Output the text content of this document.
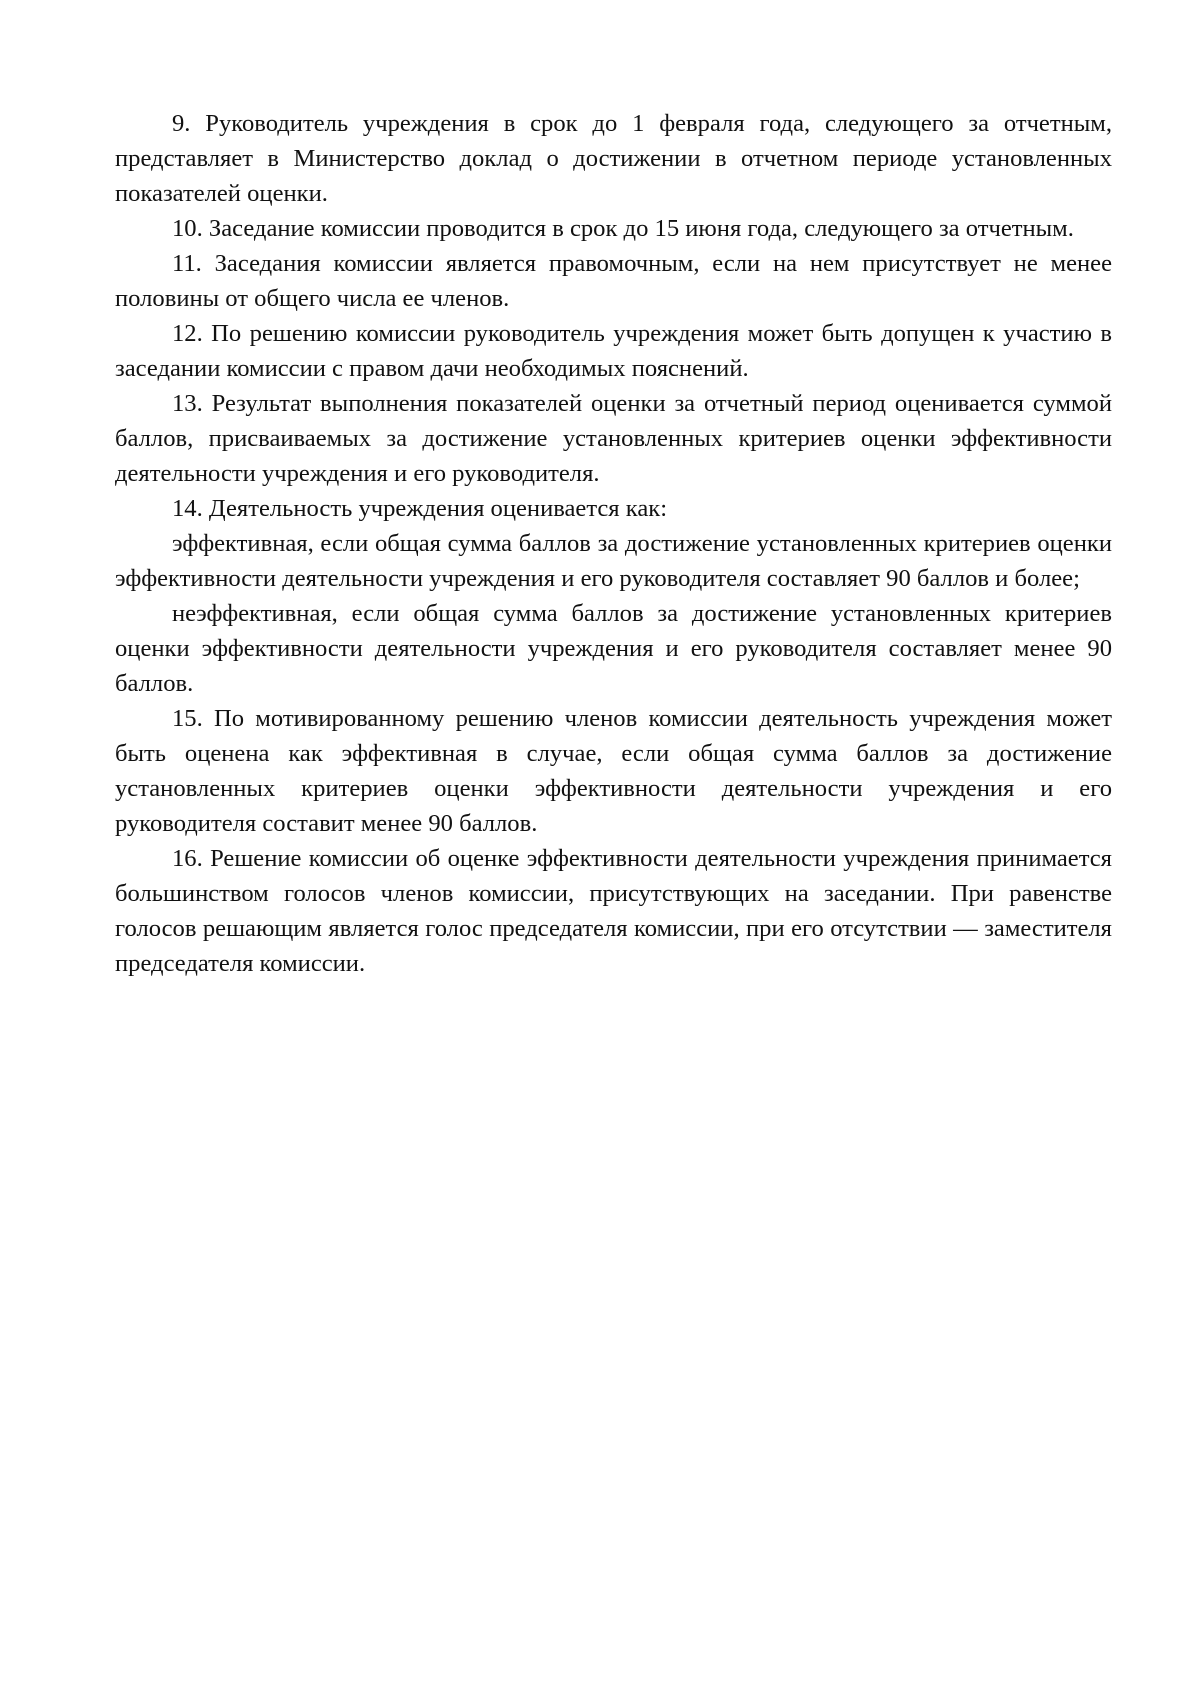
9. Руководитель учреждения в срок до 1 февраля года, следующего за отчетным, представляет в Министерство доклад о достижении в отчетном периоде установленных показателей оценки.

10. Заседание комиссии проводится в срок до 15 июня года, следующего за отчетным.

11. Заседания комиссии является правомочным, если на нем присутствует не менее половины от общего числа ее членов.

12. По решению комиссии руководитель учреждения может быть допущен к участию в заседании комиссии с правом дачи необходимых пояснений.

13. Результат выполнения показателей оценки за отчетный период оценивается суммой баллов, присваиваемых за достижение установленных критериев оценки эффективности деятельности учреждения и его руководителя.

14. Деятельность учреждения оценивается как:

эффективная, если общая сумма баллов за достижение установленных критериев оценки эффективности деятельности учреждения и его руководителя составляет 90 баллов и более;

неэффективная, если общая сумма баллов за достижение установленных критериев оценки эффективности деятельности учреждения и его руководителя составляет менее 90 баллов.

15. По мотивированному решению членов комиссии деятельность учреждения может быть оценена как эффективная в случае, если общая сумма баллов за достижение установленных критериев оценки эффективности деятельности учреждения и его руководителя составит менее 90 баллов.

16. Решение комиссии об оценке эффективности деятельности учреждения принимается большинством голосов членов комиссии, присутствующих на заседании. При равенстве голосов решающим является голос председателя комиссии, при его отсутствии — заместителя председателя комиссии.
